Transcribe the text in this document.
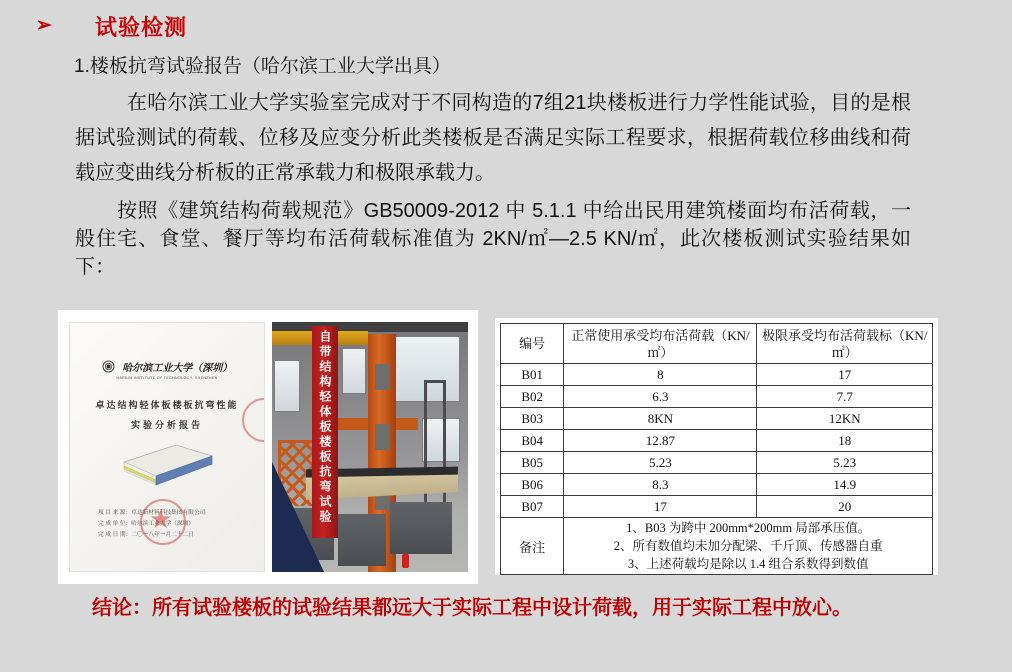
➢ 试验检测
1.楼板抗弯试验报告（哈尔滨工业大学出具）

在哈尔滨工业大学实验室完成对于不同构造的7组21块楼板进行力学性能试验，目的是根据试验测试的荷载、位移及应变分析此类楼板是否满足实际工程要求，根据荷载位移曲线和荷载应变曲线分析板的正常承载力和极限承载力。

按照《建筑结构荷载规范》GB50009-2012 中 5.1.1 中给出民用建筑楼面均布活荷载，一般住宅、食堂、餐厅等均布活荷载标准值为 2KN/㎡—2.5 KN/㎡，此次楼板测试实验结果如下：

哈尔滨工业大学（深圳）
HARBIN INSTITUTE OF TECHNOLOGY, SHENZHEN
卓达结构轻体板楼板抗弯性能
实验分析报告
项 目 来 源：卓达新材料科技集团有限公司
完 成 单 位：哈尔滨工业大学（深圳）
完 成 日 期：二〇一八年一月二十二日
★	自带结构轻体板楼板抗弯试验	编号	正常使用承受均布活荷载（KN/㎡）	极限承受均布活荷载标（KN/㎡）
B01	8	17
B02	6.3	7.7
B03	8KN	12KN
B04	12.87	18
B05	5.23	5.23
B06	8.3	14.9
B07	17	20
备注	1、B03 为跨中 200mm*200mm 局部承压值。
2、所有数值均未加分配梁、千斤顶、传感器自重
3、上述荷载均是除以 1.4 组合系数得到数值	
结论：所有试验楼板的试验结果都远大于实际工程中设计荷载，用于实际工程中放心。
